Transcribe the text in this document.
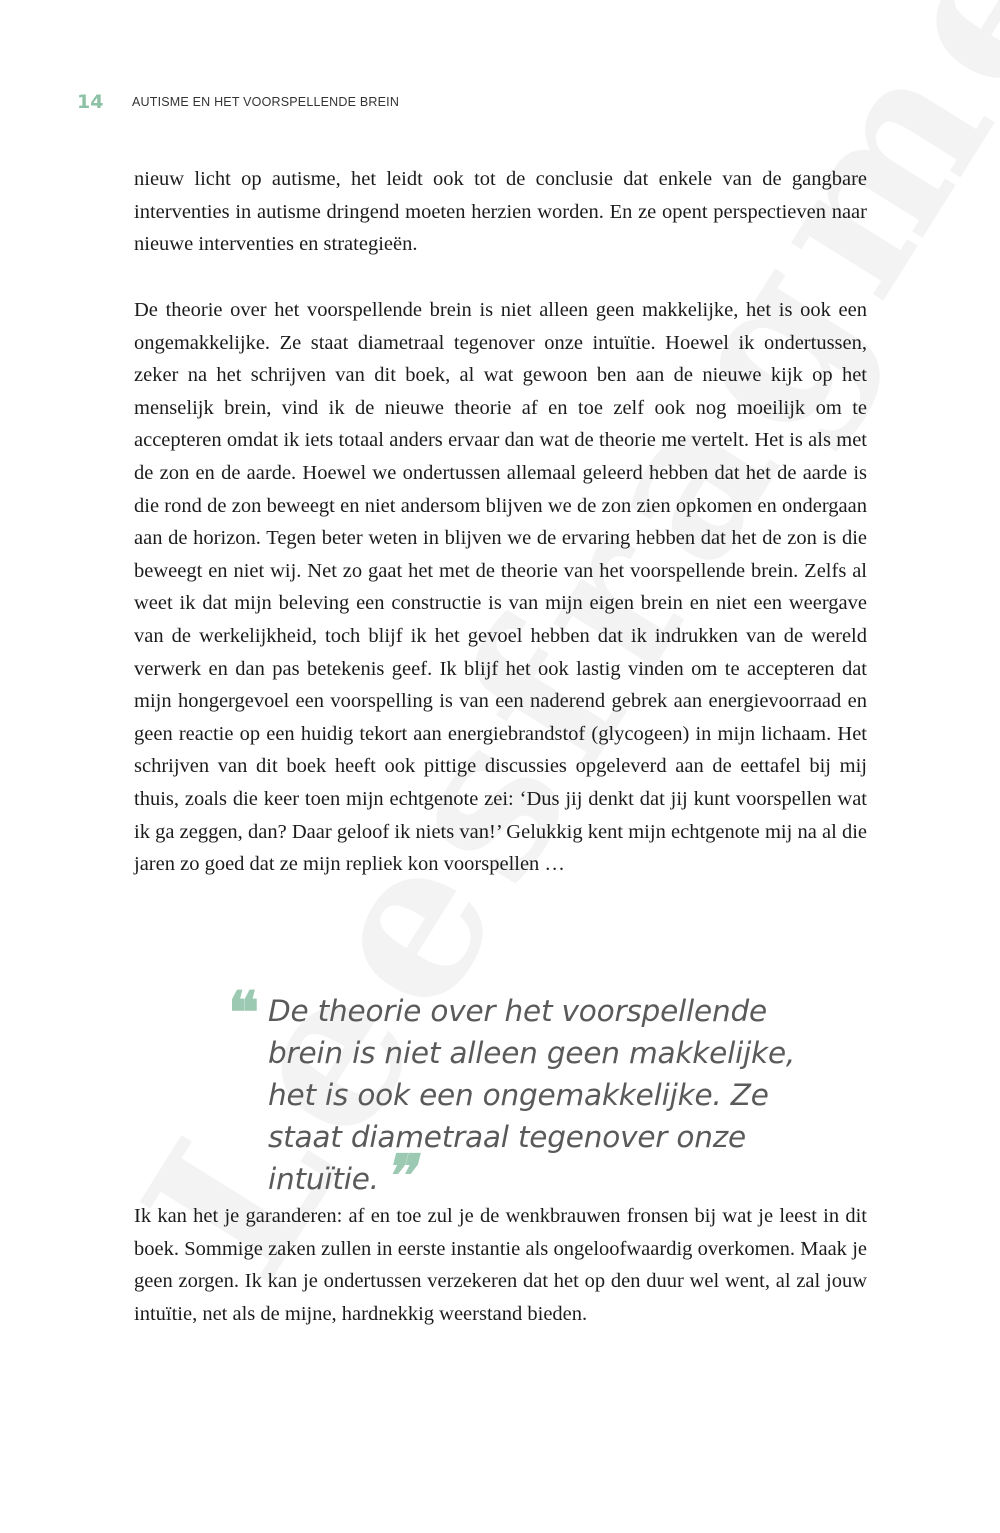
14	AUTISME EN HET VOORSPELLENDE BREIN

nieuw licht op autisme, het leidt ook tot de conclusie dat enkele van de gangbare interventies in autisme dringend moeten herzien worden. En ze opent perspectieven naar nieuwe interventies en strategieën.

De theorie over het voorspellende brein is niet alleen geen makkelijke, het is ook een ongemakkelijke. Ze staat diametraal tegenover onze intuïtie. Hoewel ik ondertussen, zeker na het schrijven van dit boek, al wat gewoon ben aan de nieuwe kijk op het menselijk brein, vind ik de nieuwe theorie af en toe zelf ook nog moeilijk om te accepteren omdat ik iets totaal anders ervaar dan wat de theorie me vertelt. Het is als met de zon en de aarde. Hoewel we ondertussen allemaal geleerd hebben dat het de aarde is die rond de zon beweegt en niet andersom blijven we de zon zien opkomen en ondergaan aan de horizon. Tegen beter weten in blijven we de ervaring hebben dat het de zon is die beweegt en niet wij. Net zo gaat het met de theorie van het voorspellende brein. Zelfs al weet ik dat mijn beleving een constructie is van mijn eigen brein en niet een weergave van de werkelijkheid, toch blijf ik het gevoel hebben dat ik indrukken van de wereld verwerk en dan pas betekenis geef. Ik blijf het ook lastig vinden om te accepteren dat mijn hongergevoel een voorspelling is van een naderend gebrek aan energievoorraad en geen reactie op een huidig tekort aan energiebrandstof (glycogeen) in mijn lichaam. Het schrijven van dit boek heeft ook pittige discussies opgeleverd aan de eettafel bij mij thuis, zoals die keer toen mijn echtgenote zei: ‘Dus jij denkt dat jij kunt voorspellen wat ik ga zeggen, dan? Daar geloof ik niets van!’ Gelukkig kent mijn echtgenote mij na al die jaren zo goed dat ze mijn repliek kon voorspellen …

❝ De theorie over het voorspellende brein is niet alleen geen makkelijke, het is ook een ongemakkelijke. Ze staat diametraal tegenover onze intuïtie. ❞

Ik kan het je garanderen: af en toe zul je de wenkbrauwen fronsen bij wat je leest in dit boek. Sommige zaken zullen in eerste instantie als ongeloofwaardig overkomen. Maak je geen zorgen. Ik kan je ondertussen verzekeren dat het op den duur wel went, al zal jouw intuïtie, net als de mijne, hardnekkig weerstand bieden.
